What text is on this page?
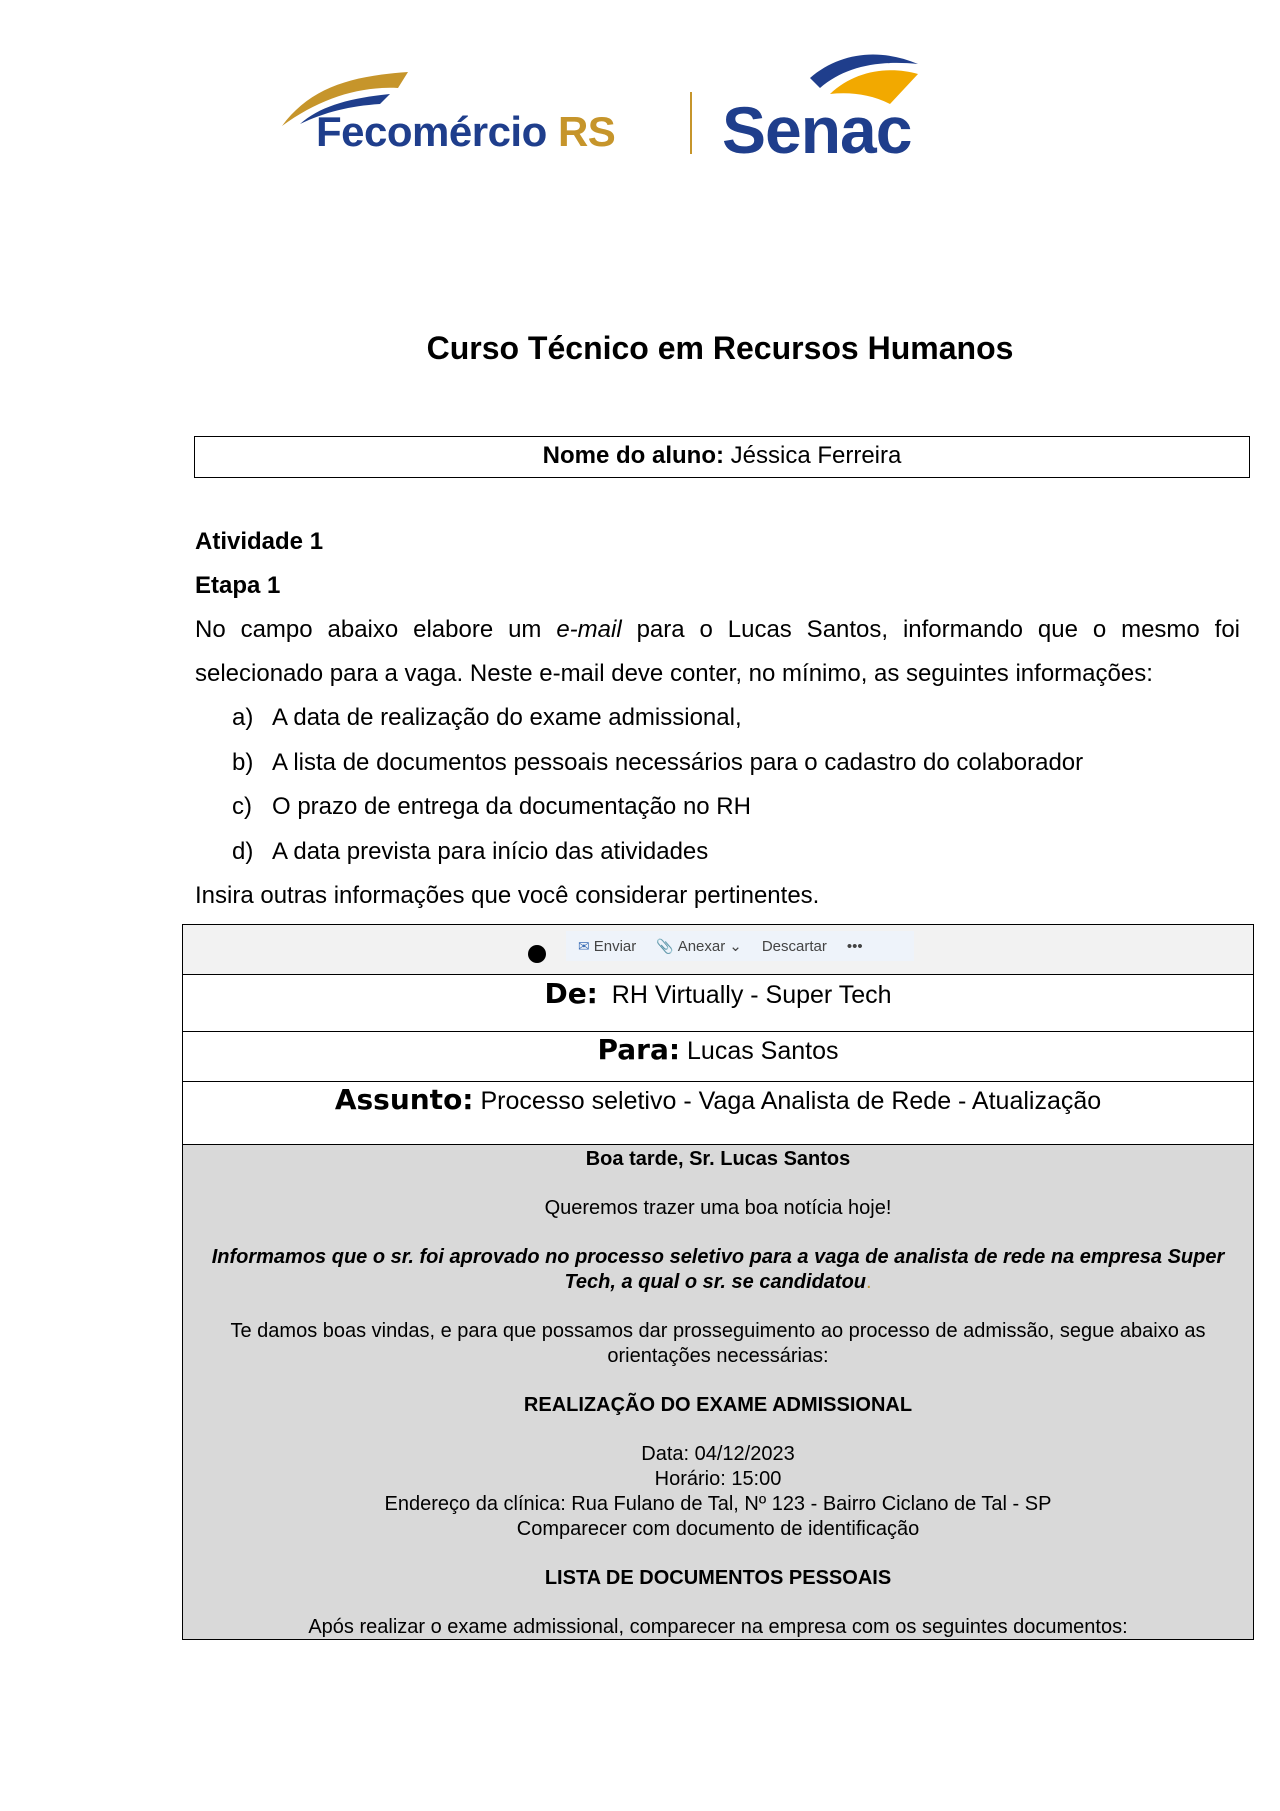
Fecomércio RS Senac
Curso Técnico em Recursos Humanos
Nome do aluno: Jéssica Ferreira
Atividade 1
Etapa 1
No campo abaixo elabore um e-mail para o Lucas Santos, informando que o mesmo foi
selecionado para a vaga. Neste e-mail deve conter, no mínimo, as seguintes informações:
a) A data de realização do exame admissional,
b) A lista de documentos pessoais necessários para o cadastro do colaborador
c) O prazo de entrega da documentação no RH
d) A data prevista para início das atividades
Insira outras informações que você considerar pertinentes.
✉ Enviar 📎 Anexar ⌄ Descartar •••
De: RH Virtually - Super Tech
Para: Lucas Santos
Assunto: Processo seletivo - Vaga Analista de Rede - Atualização

Boa tarde, Sr. Lucas Santos

Queremos trazer uma boa notícia hoje!

Informamos que o sr. foi aprovado no processo seletivo para a vaga de analista de rede na empresa Super Tech, a qual o sr. se candidatou.

Te damos boas vindas, e para que possamos dar prosseguimento ao processo de admissão, segue abaixo as orientações necessárias:

REALIZAÇÃO DO EXAME ADMISSIONAL

Data: 04/12/2023

Horário: 15:00

Endereço da clínica: Rua Fulano de Tal, Nº 123 - Bairro Ciclano de Tal - SP

Comparecer com documento de identificação

LISTA DE DOCUMENTOS PESSOAIS

Após realizar o exame admissional, comparecer na empresa com os seguintes documentos:
